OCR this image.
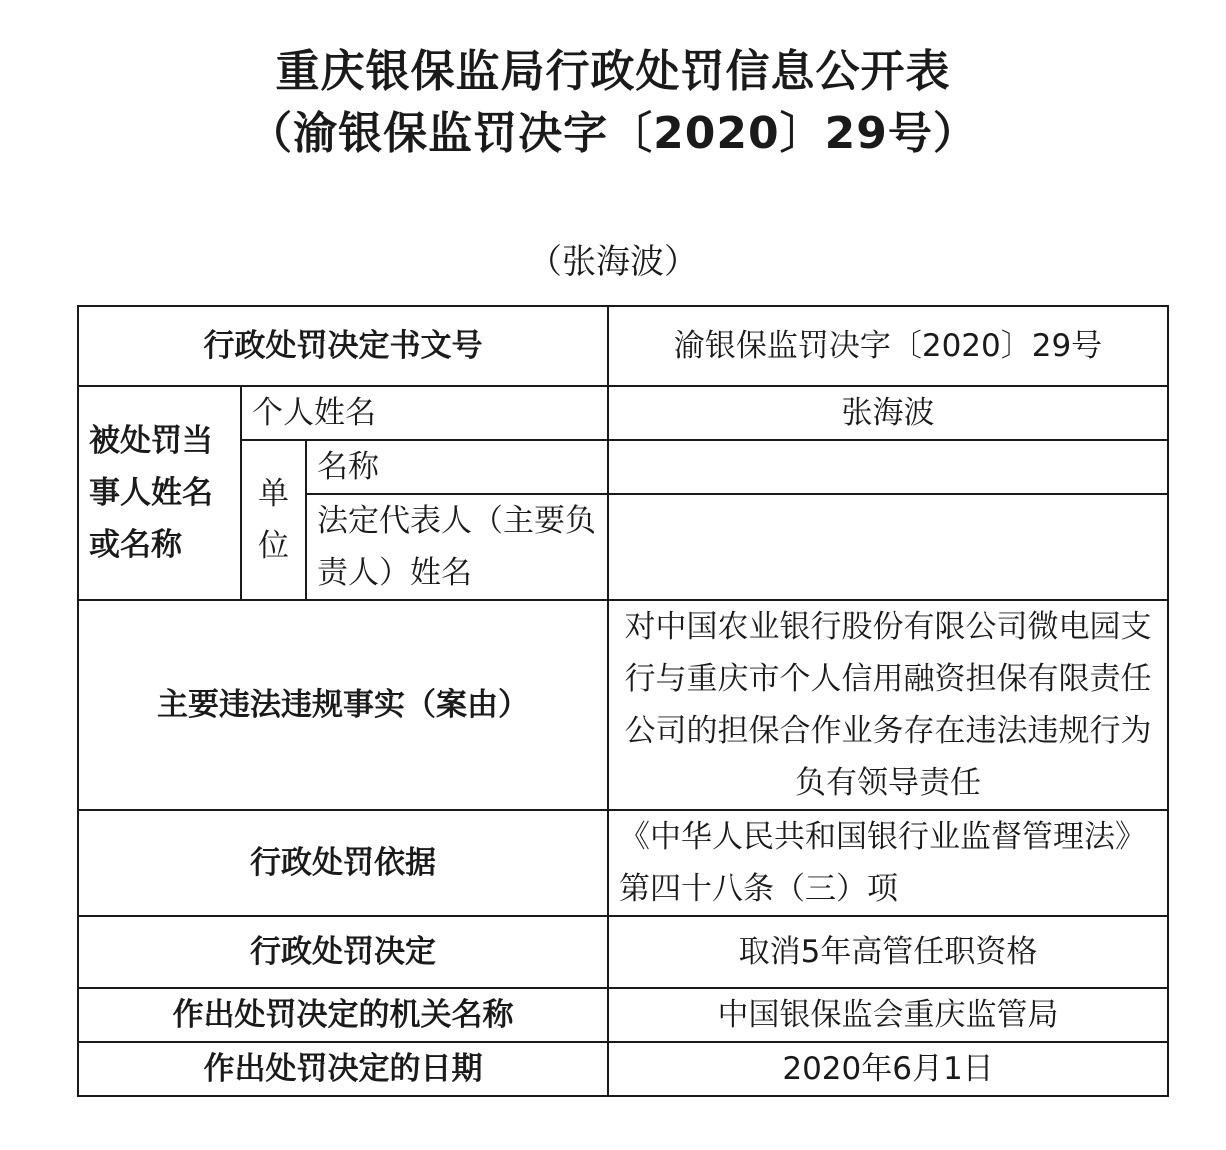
重庆银保监局行政处罚信息公开表
（渝银保监罚决字〔2020〕29号）
（张海波）
行政处罚决定书文号			渝银保监罚决字〔2020〕29号
被处罚当事人姓名或名称	个人姓名		张海波
	单位	名称	
		法定代表人（主要负责人）姓名	
主要违法违规事实（案由）			对中国农业银行股份有限公司微电园支行与重庆市个人信用融资担保有限责任公司的担保合作业务存在违法违规行为负有领导责任
行政处罚依据			《中华人民共和国银行业监督管理法》第四十八条（三）项
行政处罚决定			取消5年高管任职资格
作出处罚决定的机关名称			中国银保监会重庆监管局
作出处罚决定的日期			2020年6月1日
